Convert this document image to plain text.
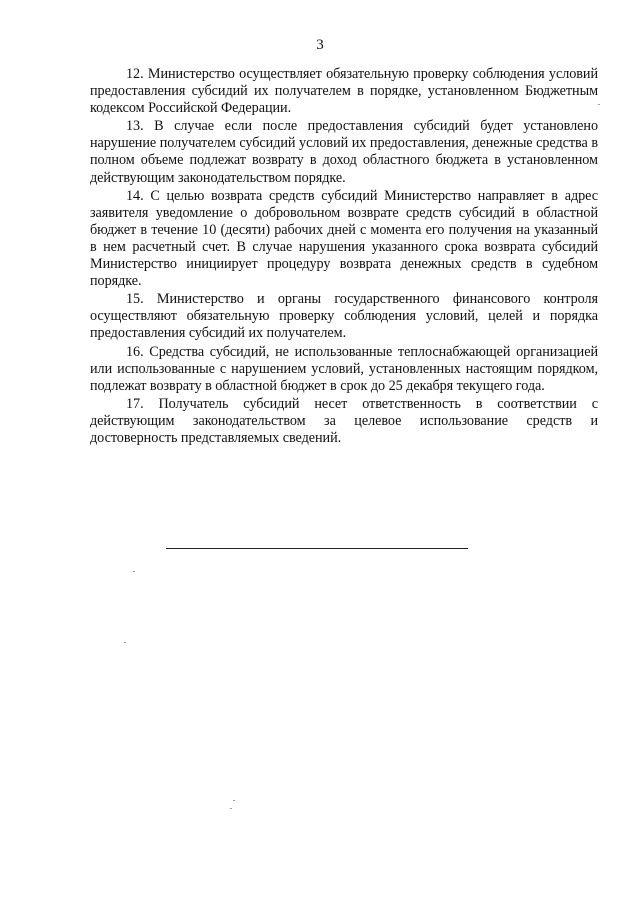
3

12. Министерство осуществляет обязательную проверку соблюдения условий предоставления субсидий их получателем в порядке, установленном Бюджетным кодексом Российской Федерации.

13. В случае если после предоставления субсидий будет установлено нарушение получателем субсидий условий их предоставления, денежные средства в полном объеме подлежат возврату в доход областного бюджета в установленном действующим законодательством порядке.

14. С целью возврата средств субсидий Министерство направляет в адрес заявителя уведомление о добровольном возврате средств субсидий в областной бюджет в течение 10 (десяти) рабочих дней с момента его получения на указанный в нем расчетный счет. В случае нарушения указанного срока возврата субсидий Министерство инициирует процедуру возврата денежных средств в судебном порядке.

15. Министерство и органы государственного финансового контроля осуществляют обязательную проверку соблюдения условий, целей и порядка предоставления субсидий их получателем.

16. Средства субсидий, не использованные теплоснабжающей организацией или использованные с нарушением условий, установленных настоящим порядком, подлежат возврату в областной бюджет в срок до 25 декабря текущего года.

17. Получатель субсидий несет ответственность в соответствии с действующим законодательством за целевое использование средств и достоверность представляемых сведений.
